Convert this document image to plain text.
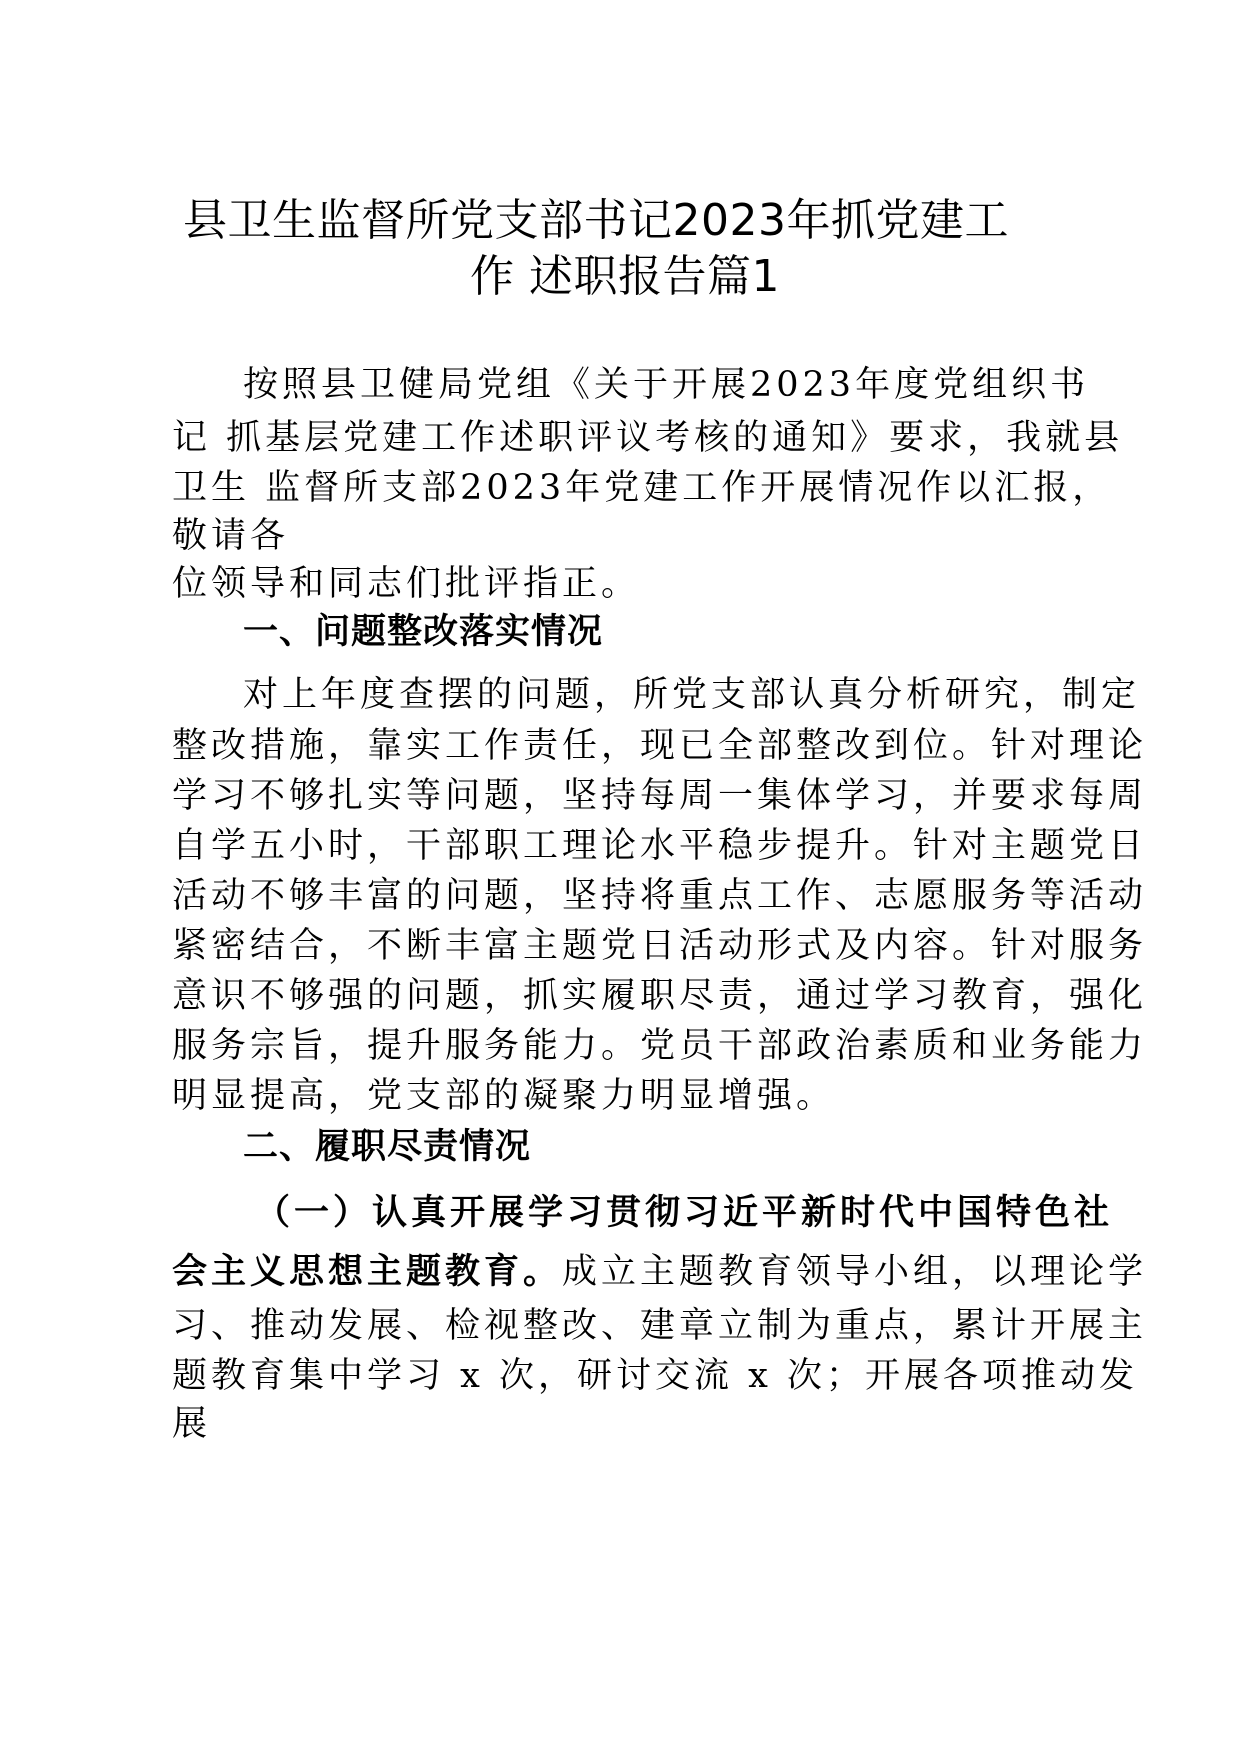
县卫生监督所党支部书记2023年抓党建工
作 述职报告篇1
按照县卫健局党组《关于开展2023年度党组织书
记 抓基层党建工作述职评议考核的通知》要求，我就县
卫生 监督所支部2023年党建工作开展情况作以汇报，
敬请各
位领导和同志们批评指正。
一、问题整改落实情况
对上年度查摆的问题，所党支部认真分析研究，制定
整改措施，靠实工作责任，现已全部整改到位。针对理论
学习不够扎实等问题，坚持每周一集体学习，并要求每周
自学五小时，干部职工理论水平稳步提升。针对主题党日
活动不够丰富的问题，坚持将重点工作、志愿服务等活动
紧密结合，不断丰富主题党日活动形式及内容。针对服务
意识不够强的问题，抓实履职尽责，通过学习教育，强化
服务宗旨，提升服务能力。党员干部政治素质和业务能力
明显提高，党支部的凝聚力明显增强。
二、履职尽责情况
（一）认真开展学习贯彻习近平新时代中国特色社
会主义思想主题教育。成立主题教育领导小组，以理论学
习、推动发展、检视整改、建章立制为重点，累计开展主
题教育集中学习 x 次，研讨交流 x 次；开展各项推动发
展
